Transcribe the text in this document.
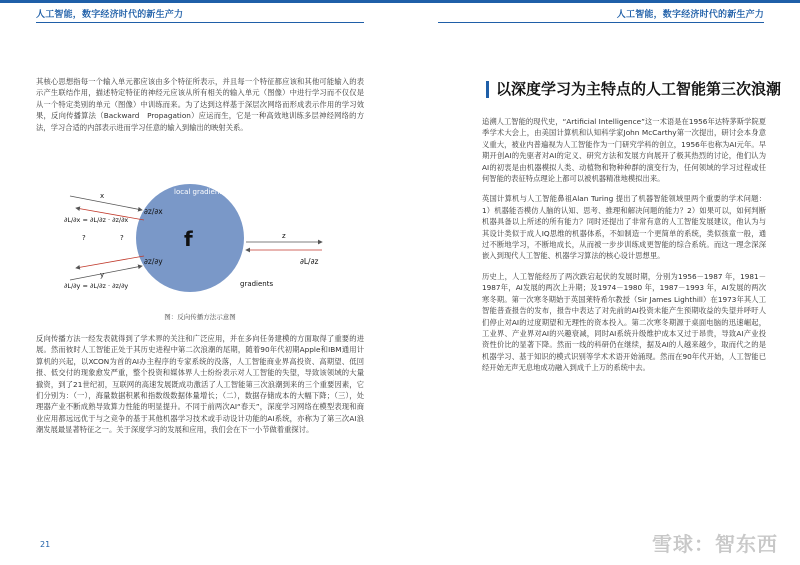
人工智能，数字经济时代的新生产力	人工智能，数字经济时代的新生产力

其核心思想指每一个输入单元都应该由多个特征所表示，并且每一个特征都应该和其他可能输入的表示产生联结作用，描述特定特征的神经元应该从所有相关的输入单元（图像）中进行学习而不仅仅是从一个特定类别的单元（图像）中训练而来。为了达到这样基于深层次网络而形成表示作用的学习效果，反向传播算法（Backward　Propagation）应运而生，它是一种高效地训练多层神经网络的方法，学习合适的内部表示进而学习任意的输入到输出的映射关系。

local gradient
∂z/∂x
∂z/∂y
f
∂L/∂x = ∂L/∂z · ∂z/∂x
∂L/∂y = ∂L/∂z · ∂z/∂y
x
y
?	?	z
∂L/∂z
gradients
图：反向传播方法示意图

反向传播方法一经发表就得到了学术界的关注和广泛应用，并在多向任务建模的方面取得了重要的进展。然而彼时人工智能正处于其历史进程中第二次浪潮的尾期，随着90年代初期Apple和IBM通用计算机的兴起，以XCON为首的AI办主程序的专家系统的没落，人工智能商业界高投资、高期望、低回报、低交付的现象愈发严重，整个投资和媒体界人士纷纷表示对人工智能的失望，导致该领域的大量撤资，到了21世纪初，互联网的高速发展既成功激活了人工智能第三次浪潮到来的三个重要因素，它们分别为：（一），海量数据积累和指数级数据体量增长；（二），数据存储成本的大幅下降；（三），处理器产业不断成熟导致算力性能的明显提升。不同于前两次AI“春天”，深度学习网络在模型表现和商业应用都远远优于与之竞争的基于其他机器学习技术或手动设计功能的AI系统，亦称为了第三次AI浪潮发展最显著特征之一。关于深度学习的发展和应用，我们会在下一小节做着重探讨。

以深度学习为主特点的人工智能第三次浪潮

追溯人工智能的现代史，“Artificial Intelligence”这一术语是在1956年达特茅斯学院夏季学术大会上，由美国计算机和认知科学家John McCarthy第一次提出，研讨会本身意义重大，被业内普遍视为人工智能作为一门研究学科的创立，1956年也称为AI元年。早期开创AI的先驱者对AI的定义、研究方法和发展方向展开了极其热烈的讨论，他们认为AI的初衷是由机器模拟人类、动植物和物种种群的演变行为，任何领域的学习过程或任何智能的表征特点理论上都可以被机器精准地模拟出来。

英国计算机与人工智能鼻祖Alan Turing 提出了机器智能领域里两个重要的学术问题：1）机器能否模仿人脑的认知、思考、推理和解决问题的能力？2）如果可以，如何判断机器具备以上所述的所有能力？同时还提出了非常有意的人工智能发展建议，他认为与其设计类似于成人IQ思维的机器体系，不如制造一个更简单的系统，类似孩童一般，通过不断地学习，不断地成长，从而被一步步训练成更智能的综合系统。而这一理念深深嵌入到现代人工智能、机器学习算法的核心设计思想里。

历史上，人工智能经历了两次跌宕起伏的发展时期，分别为1956－1987 年，1981－1987年，AI发展的两次上升期；及1974－1980 年，1987－1993 年，AI发展的两次寒冬期。第一次寒冬期始于英国莱特希尔教授（Sir James Lighthill）在1973年其人工智能普查报告的发布，报告中表达了对先前的AI投资未能产生预期收益的失望并呼吁人们停止对AI的过度期望和无理性的资本投入。第二次寒冬期源于桌面电脑的迅速崛起，工业界、产业界对AI的兴趣衰减，同时AI系统升级维护成本又过于昂贵，导致AI产业投资性价比的显著下降。然而一线的科研仍在继续，据及AI的人越来越少，取而代之的是机器学习、基于知识的模式识别等学术术语开始涌现。然而在90年代开始，人工智能已经开始无声无息地成功融入到成千上万的系统中去。

21	雪球：智东西
